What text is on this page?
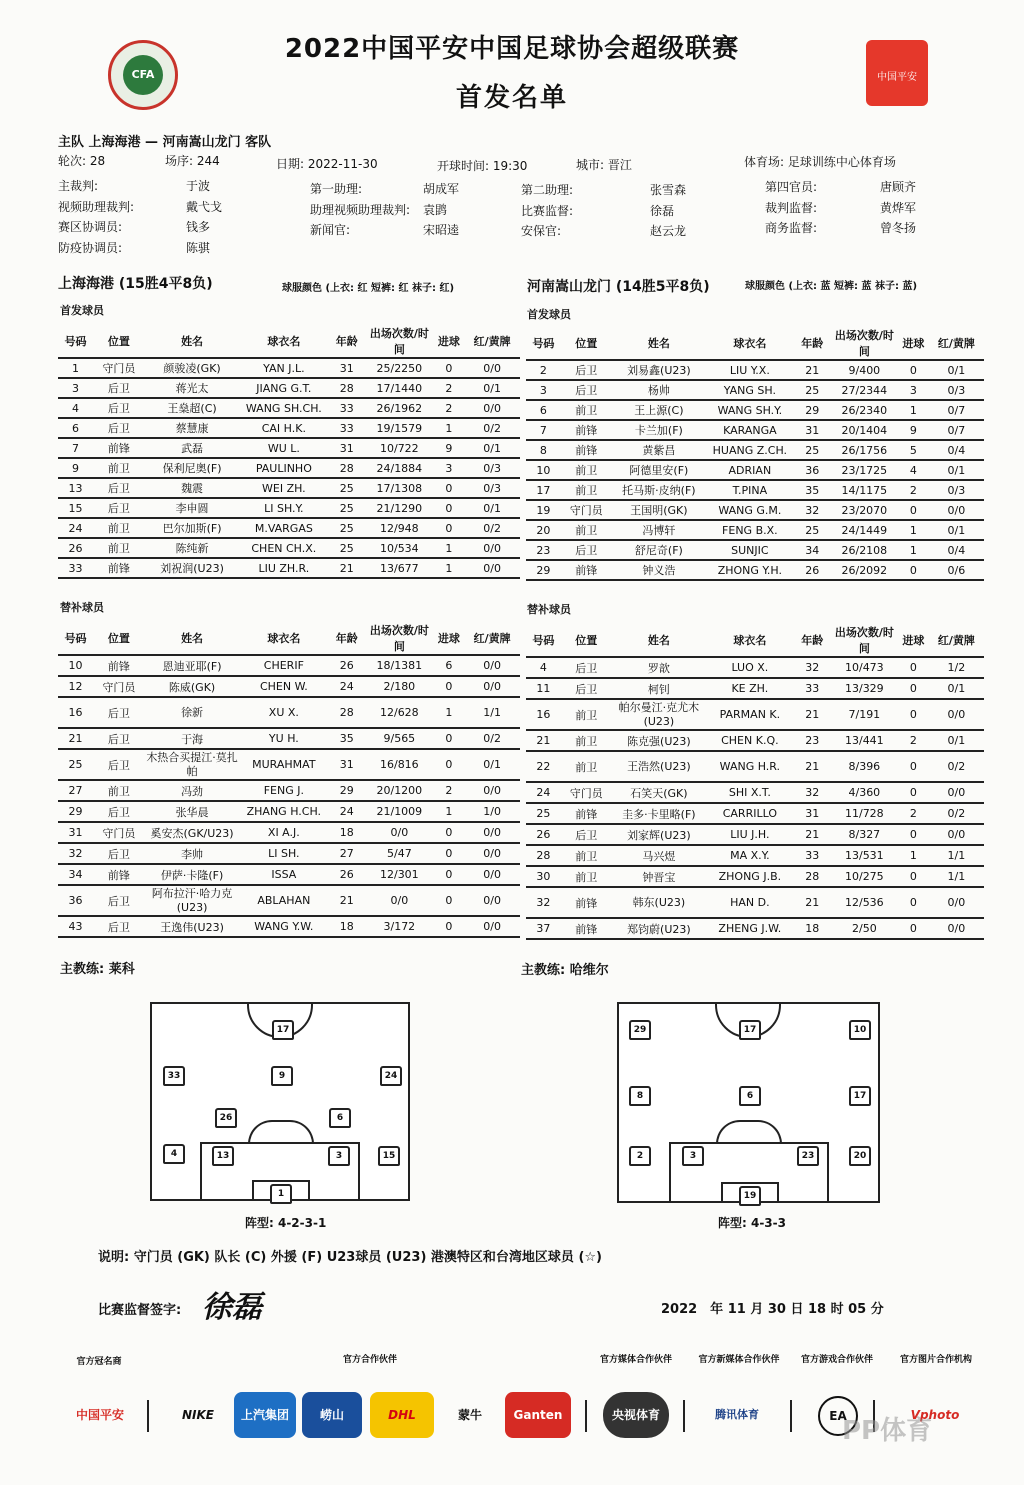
CFA
2022中国平安中国足球协会超级联赛
首发名单
中国平安
主队 上海海港 — 河南嵩山龙门 客队
轮次: 28	场序: 244	日期: 2022-11-30	开球时间: 19:30	城市: 晋江	体育场: 足球训练中心体育场
主裁判:	于波
视频助理裁判:	戴弋戈
赛区协调员:	钱多
防疫协调员:	陈骐
第一助理:	胡成军
助理视频助理裁判: 袁鹍
新闻官:	宋昭逵
第二助理:	张雪森
比赛监督:	徐磊
安保官:	赵云龙
第四官员:	唐顾齐
裁判监督:	黄烨军
商务监督:	曾冬扬
上海海港 (15胜4平8负)	球服颜色 (上衣: 红 短裤: 红 袜子: 红)	河南嵩山龙门 (14胜5平8负)	球服颜色 (上衣: 蓝 短裤: 蓝 袜子: 蓝)
首发球员	首发球员
号码	位置	姓名	球衣名	年龄	出场次数/时间	进球	红/黄牌
1	守门员	颜骏凌(GK)	YAN J.L.	31	25/2250	0	0/0
3	后卫	蒋光太	JIANG G.T.	28	17/1440	2	0/1
4	后卫	王燊超(C)	WANG SH.CH.	33	26/1962	2	0/0
6	后卫	蔡慧康	CAI H.K.	33	19/1579	1	0/2
7	前锋	武磊	WU L.	31	10/722	9	0/1
9	前卫	保利尼奥(F)	PAULINHO	28	24/1884	3	0/3
13	后卫	魏震	WEI ZH.	25	17/1308	0	0/3
15	后卫	李申圆	LI SH.Y.	25	21/1290	0	0/1
24	前卫	巴尔加斯(F)	M.VARGAS	25	12/948	0	0/2
26	前卫	陈纯新	CHEN CH.X.	25	10/534	1	0/0
33	前锋	刘祝润(U23)	LIU ZH.R.	21	13/677	1	0/0
号码	位置	姓名	球衣名	年龄	出场次数/时间	进球	红/黄牌
2	后卫	刘易鑫(U23)	LIU Y.X.	21	9/400	0	0/1
3	后卫	杨帅	YANG SH.	25	27/2344	3	0/3
6	前卫	王上源(C)	WANG SH.Y.	29	26/2340	1	0/7
7	前锋	卡兰加(F)	KARANGA	31	20/1404	9	0/7
8	前锋	黄紫昌	HUANG Z.CH.	25	26/1756	5	0/4
10	前卫	阿德里安(F)	ADRIAN	36	23/1725	4	0/1
17	前卫	托马斯·皮纳(F)	T.PINA	35	14/1175	2	0/3
19	守门员	王国明(GK)	WANG G.M.	32	23/2070	0	0/0
20	前卫	冯博轩	FENG B.X.	25	24/1449	1	0/1
23	后卫	舒尼奇(F)	SUNJIC	34	26/2108	1	0/4
29	前锋	钟义浩	ZHONG Y.H.	26	26/2092	0	0/6
替补球员	替补球员
号码	位置	姓名	球衣名	年龄	出场次数/时间	进球	红/黄牌
10	前锋	恩迪亚耶(F)	CHERIF	26	18/1381	6	0/0
12	守门员	陈威(GK)	CHEN W.	24	2/180	0	0/0
16	后卫	徐新	XU X.	28	12/628	1	1/1
21	后卫	于海	YU H.	35	9/565	0	0/2
25	后卫	木热合买提江·莫扎帕	MURAHMAT	31	16/816	0	0/1
27	前卫	冯劲	FENG J.	29	20/1200	2	0/0
29	后卫	张华晨	ZHANG H.CH.	24	21/1009	1	1/0
31	守门员	奚安杰(GK/U23)	XI A.J.	18	0/0	0	0/0
32	后卫	李帅	LI SH.	27	5/47	0	0/0
34	前锋	伊萨·卡隆(F)	ISSA	26	12/301	0	0/0
36	后卫	阿布拉汗·哈力克(U23)	ABLAHAN	21	0/0	0	0/0
43	后卫	王逸伟(U23)	WANG Y.W.	18	3/172	0	0/0
号码	位置	姓名	球衣名	年龄	出场次数/时间	进球	红/黄牌
4	后卫	罗歆	LUO X.	32	10/473	0	1/2
11	后卫	柯钊	KE ZH.	33	13/329	0	0/1
16	前卫	帕尔曼江·克尤木(U23)	PARMAN K.	21	7/191	0	0/0
21	前卫	陈克强(U23)	CHEN K.Q.	23	13/441	2	0/1
22	前卫	王浩然(U23)	WANG H.R.	21	8/396	0	0/2
24	守门员	石笑天(GK)	SHI X.T.	32	4/360	0	0/0
25	前锋	圭多·卡里略(F)	CARRILLO	31	11/728	2	0/2
26	后卫	刘家辉(U23)	LIU J.H.	21	8/327	0	0/0
28	前卫	马兴煜	MA X.Y.	33	13/531	1	1/1
30	前卫	钟晋宝	ZHONG J.B.	28	10/275	0	1/1
32	前锋	韩东(U23)	HAN D.	21	12/536	0	0/0
37	前锋	郑钧蔚(U23)	ZHENG J.W.	18	2/50	0	0/0
主教练: 莱科	主教练: 哈维尔
17
9
33	24
26	6
4	13	3	15
1
阵型: 4-2-3-1
29	17	10
8	6	17
2	3	23	20
19
阵型: 4-3-3
说明: 守门员 (GK) 队长 (C) 外援 (F) U23球员 (U23) 港澳特区和台湾地区球员 (☆)
比赛监督签字: 徐磊	2022　年 11 月 30 日 18 时 05 分
官方冠名商	官方合作伙伴	官方媒体合作伙伴	官方新媒体合作伙伴	官方游戏合作伙伴	官方图片合作机构
中国平安	NIKE	上汽集团	崂山	DHL	蒙牛	Ganten	央视体育	腾讯体育	EA	Vphoto
PP体育
